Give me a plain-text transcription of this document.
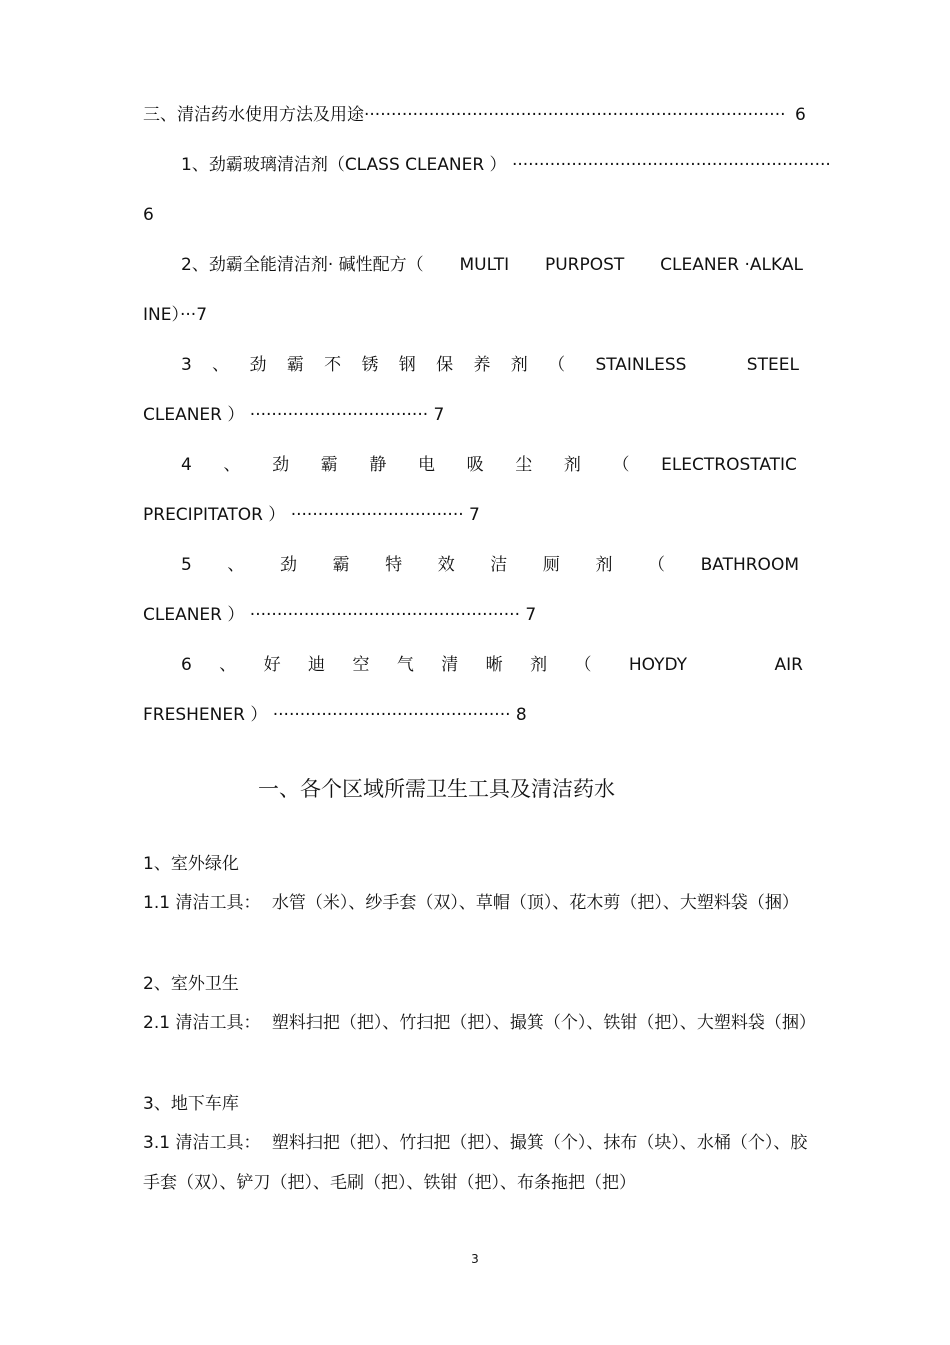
三、清洁药水使用方法及用途·············································································· 6
1、劲霸玻璃清洁剂（CLASS CLEANER ） ···························································
6
2、劲霸全能清洁剂· 碱性配方（ MULTI PURPOST CLEANER ·ALKAL
INE）···7
3 、 劲 霸 不 锈 钢 保 养 剂 （ STAINLESS	STEEL
CLEANER ） ································· 7
4 、 劲 霸 静 电 吸 尘 剂 （ ELECTROSTATIC
PRECIPITATOR ） ································ 7
5 、 劲 霸 特 效 洁 厕 剂 （ BATHROOM
CLEANER ） ·················································· 7
6 、 好 迪 空 气 清 晰 剂 （ HOYDY	AIR
FRESHENER ） ············································ 8
一、各个区域所需卫生工具及清洁药水
1、室外绿化
1.1 清洁工具： 水管（米）、纱手套（双）、草帽（顶）、花木剪（把）、大塑料袋（捆）
2、室外卫生
2.1 清洁工具： 塑料扫把（把）、竹扫把（把）、撮箕（个）、铁钳（把）、大塑料袋（捆）
3、地下车库
3.1 清洁工具： 塑料扫把（把）、竹扫把（把）、撮箕（个）、抹布（块）、水桶（个）、胶
手套（双）、铲刀（把）、毛刷（把）、铁钳（把）、布条拖把（把）
3
